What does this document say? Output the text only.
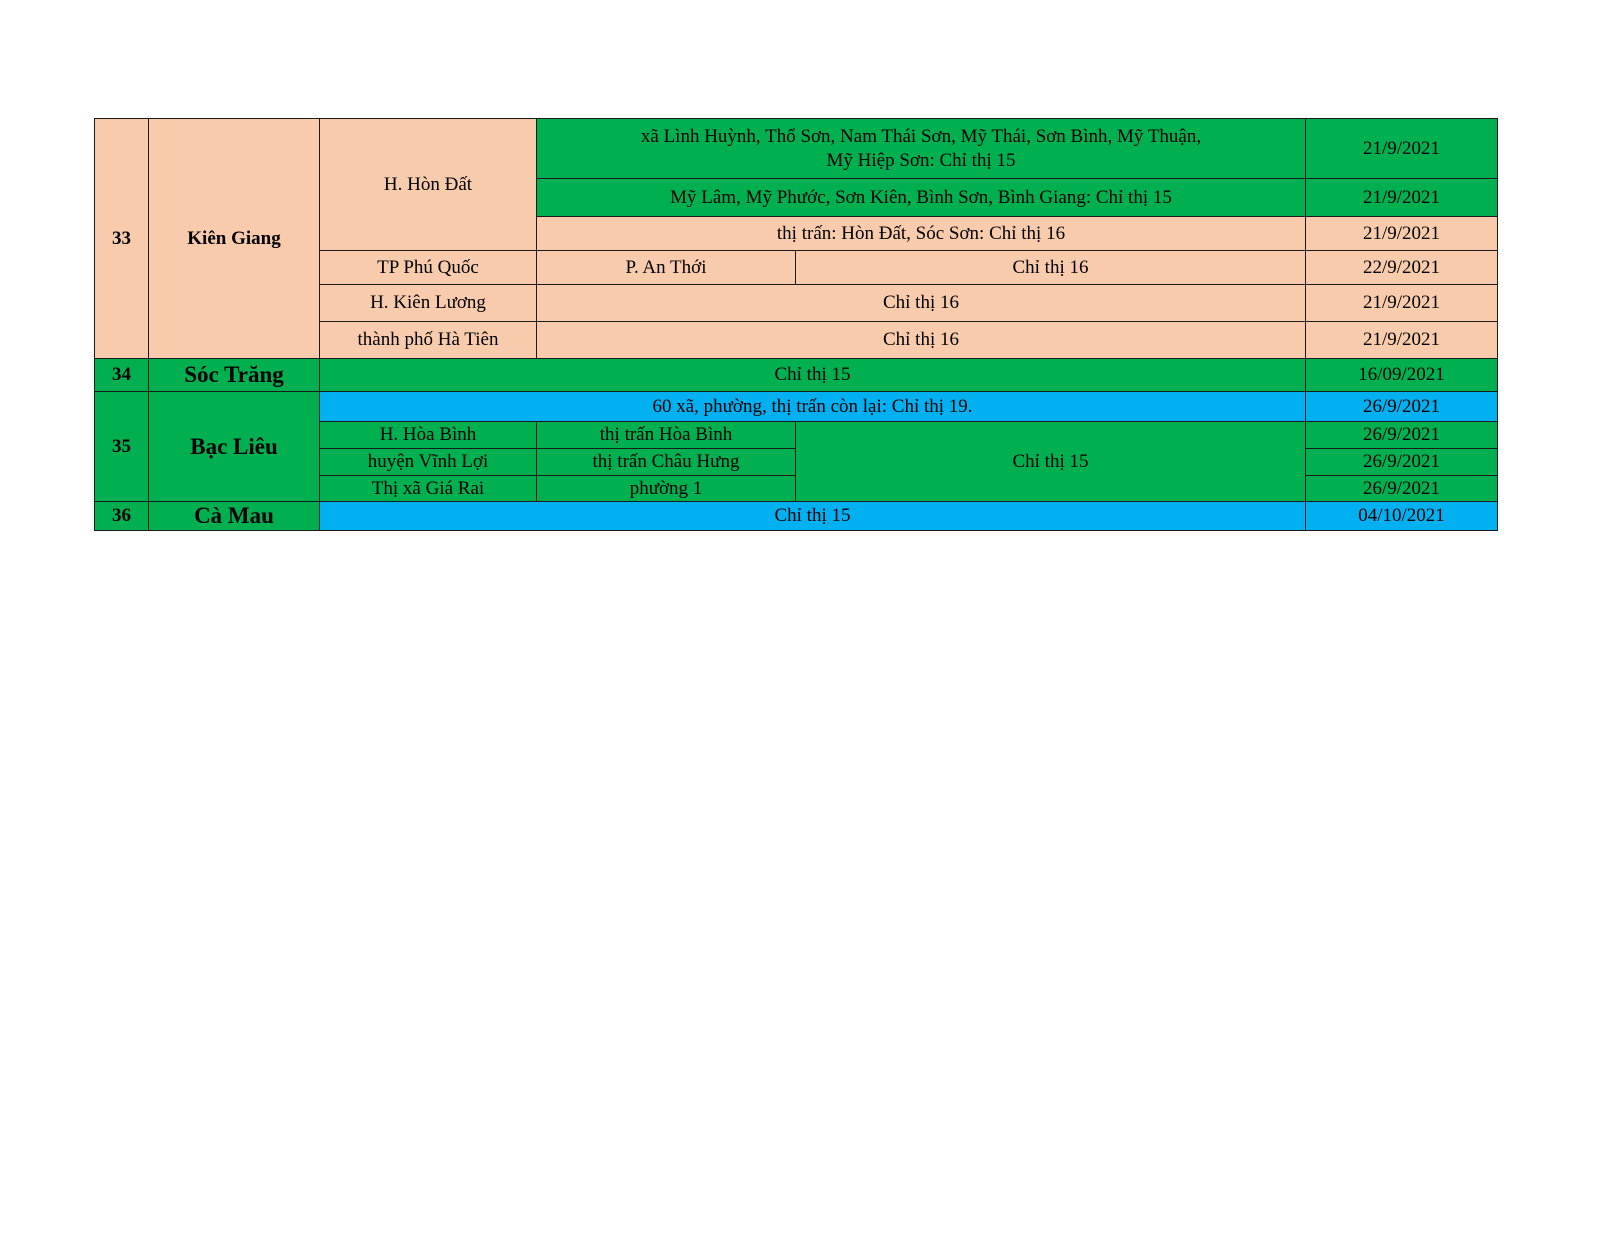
33	Kiên Giang	H. Hòn Đất	xã Lình Huỳnh, Thổ Sơn, Nam Thái Sơn, Mỹ Thái, Sơn Bình, Mỹ Thuận,
Mỹ Hiệp Sơn: Chỉ thị 15		21/9/2021
			Mỹ Lâm, Mỹ Phước, Sơn Kiên, Bình Sơn, Bình Giang: Chỉ thị 15		21/9/2021
			thị trấn: Hòn Đất, Sóc Sơn: Chỉ thị 16		21/9/2021
		TP Phú Quốc	P. An Thới	Chỉ thị 16	22/9/2021
		H. Kiên Lương	Chỉ thị 16		21/9/2021
		thành phố Hà Tiên	Chỉ thị 16		21/9/2021
34	Sóc Trăng	Chỉ thị 15			16/09/2021
35	Bạc Liêu	60 xã, phường, thị trấn còn lại: Chỉ thị 19.			26/9/2021
		H. Hòa Bình	thị trấn Hòa Bình	Chỉ thị 15	26/9/2021
		huyện Vĩnh Lợi	thị trấn Châu Hưng		26/9/2021
		Thị xã Giá Rai	phường 1		26/9/2021
36	Cà Mau	Chỉ thị 15			04/10/2021
